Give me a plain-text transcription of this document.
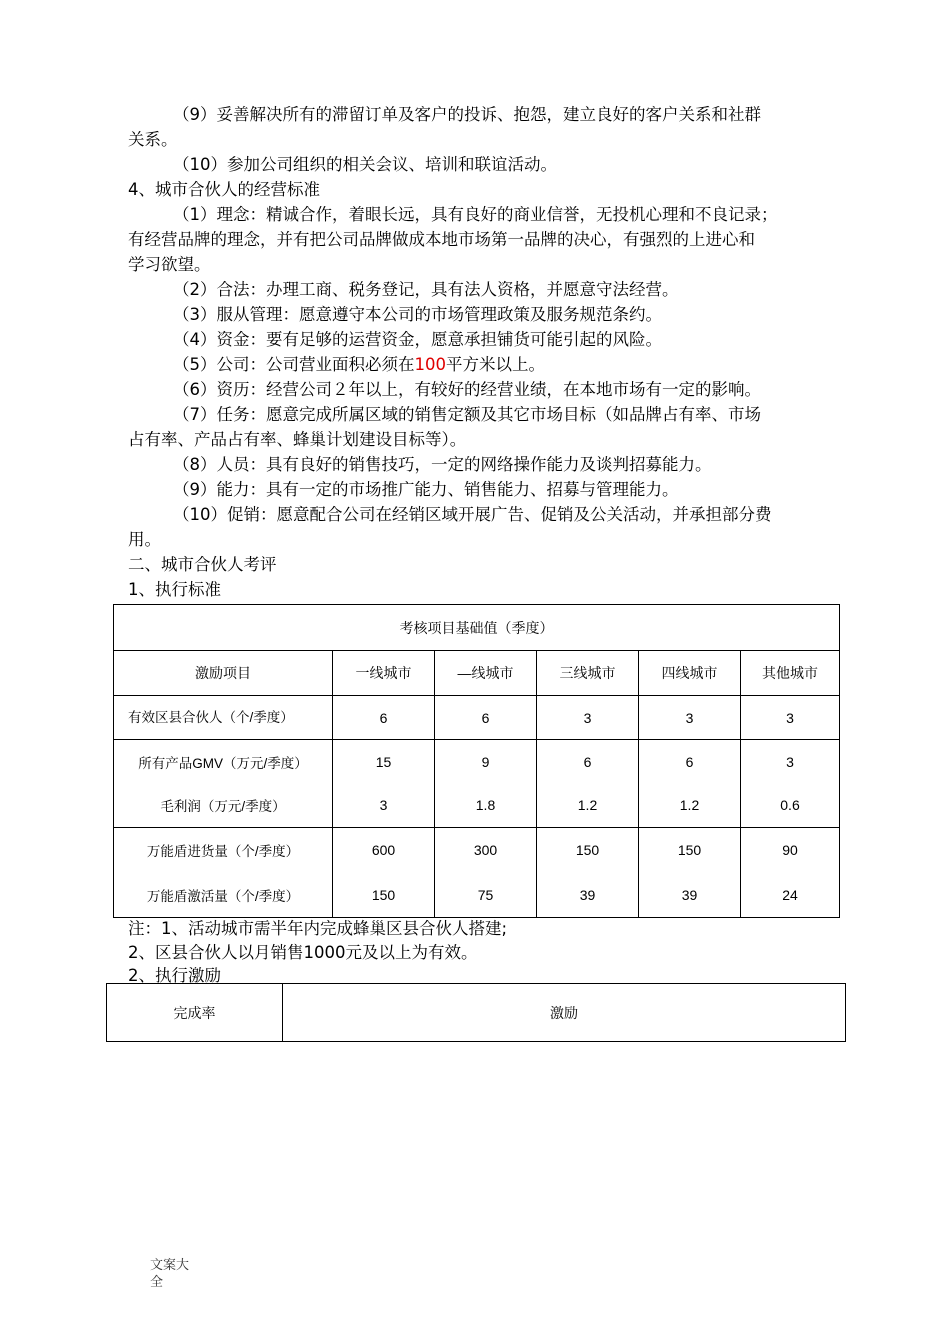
（9）妥善解决所有的滞留订单及客户的投诉、抱怨，建立良好的客户关系和社群
关系。
（10）参加公司组织的相关会议、培训和联谊活动。
4、城市合伙人的经营标准
（1）理念：精诚合作，着眼长远，具有良好的商业信誉，无投机心理和不良记录；
有经营品牌的理念，并有把公司品牌做成本地市场第一品牌的决心，有强烈的上进心和
学习欲望。
（2）合法：办理工商、税务登记，具有法人资格，并愿意守法经营。
（3）服从管理：愿意遵守本公司的市场管理政策及服务规范条约。
（4）资金：要有足够的运营资金，愿意承担铺货可能引起的风险。
（5）公司：公司营业面积必须在100平方米以上。
（6）资历：经营公司２年以上，有较好的经营业绩，在本地市场有一定的影响。
（7）任务：愿意完成所属区域的销售定额及其它市场目标（如品牌占有率、市场
占有率、产品占有率、蜂巢计划建设目标等）。
（8）人员：具有良好的销售技巧，一定的网络操作能力及谈判招募能力。
（9）能力：具有一定的市场推广能力、销售能力、招募与管理能力。
（10）促销：愿意配合公司在经销区域开展广告、促销及公关活动，并承担部分费
用。
二、城市合伙人考评
1、执行标准
考核项目基础值（季度）					
激励项目	一线城市	—线城市	三线城市	四线城市	其他城市
有效区县合伙人（个/季度）	6	6	3	3	3
所有产品GMV（万元/季度）	15	9	6	6	3
毛利润（万元/季度）	3	1.8	1.2	1.2	0.6
万能盾进货量（个/季度）	600	300	150	150	90
万能盾激活量（个/季度）	150	75	39	39	24
注：1、活动城市需半年内完成蜂巢区县合伙人搭建;
2、区县合伙人以月销售1000元及以上为有效。
2、执行激励
完成率	激励
文案大全
